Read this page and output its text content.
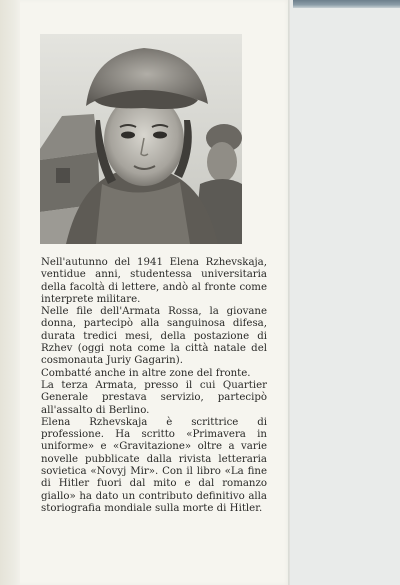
Nell'autunno del 1941 Elena Rzhevskaja, ventidue anni, studentessa universitaria della facoltà di lettere, andò al fronte come interprete militare.

Nelle file dell'Armata Rossa, la giovane donna, partecipò alla sanguinosa difesa, durata tredici mesi, della postazione di Rzhev (oggi nota come la città natale del cosmonauta Juriy Gagarin).

Combatté anche in altre zone del fronte.

La terza Armata, presso il cui Quartier Generale prestava servizio, partecipò all'assalto di Berlino.

Elena Rzhevskaja è scrittrice di professione. Ha scritto «Primavera in uniforme» e «Gravitazione» oltre a varie novelle pubblicate dalla rivista letteraria sovietica «Novyj Mir». Con il libro «La fine di Hitler fuori dal mito e dal romanzo giallo» ha dato un contributo definitivo alla storiografia mondiale sulla morte di Hitler.
